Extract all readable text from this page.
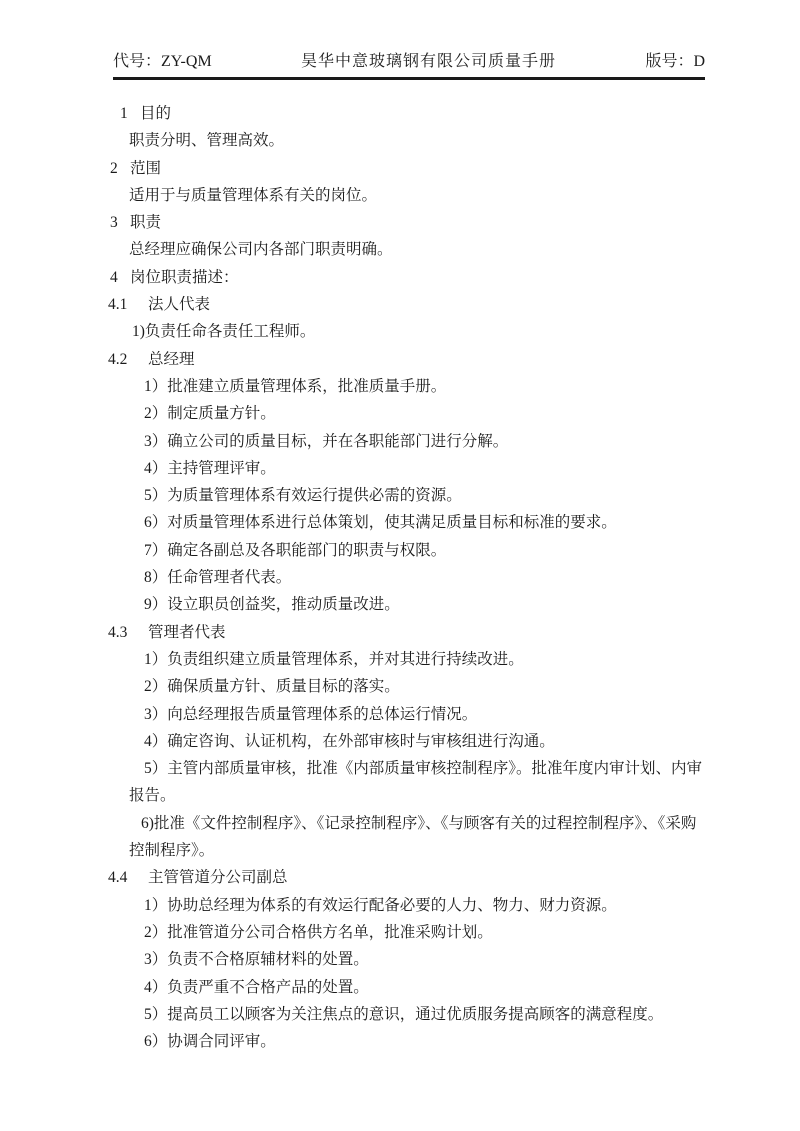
代号：ZY-QM	昊华中意玻璃钢有限公司质量手册	版号：D
1 目的
职责分明、管理高效。
2 范围
适用于与质量管理体系有关的岗位。
3 职责
总经理应确保公司内各部门职责明确。
4 岗位职责描述：
4.1 法人代表
1)负责任命各责任工程师。
4.2 总经理
1）批准建立质量管理体系，批准质量手册。
2）制定质量方针。
3）确立公司的质量目标，并在各职能部门进行分解。
4）主持管理评审。
5）为质量管理体系有效运行提供必需的资源。
6）对质量管理体系进行总体策划，使其满足质量目标和标准的要求。
7）确定各副总及各职能部门的职责与权限。
8）任命管理者代表。
9）设立职员创益奖，推动质量改进。
4.3 管理者代表
1）负责组织建立质量管理体系，并对其进行持续改进。
2）确保质量方针、质量目标的落实。
3）向总经理报告质量管理体系的总体运行情况。
4）确定咨询、认证机构，在外部审核时与审核组进行沟通。
5）主管内部质量审核，批准《内部质量审核控制程序》。批准年度内审计划、内审报告。
6)批准《文件控制程序》、《记录控制程序》、《与顾客有关的过程控制程序》、《采购控制程序》。
4.4 主管管道分公司副总
1）协助总经理为体系的有效运行配备必要的人力、物力、财力资源。
2）批准管道分公司合格供方名单，批准采购计划。
3）负责不合格原辅材料的处置。
4）负责严重不合格产品的处置。
5）提高员工以顾客为关注焦点的意识，通过优质服务提高顾客的满意程度。
6）协调合同评审。
